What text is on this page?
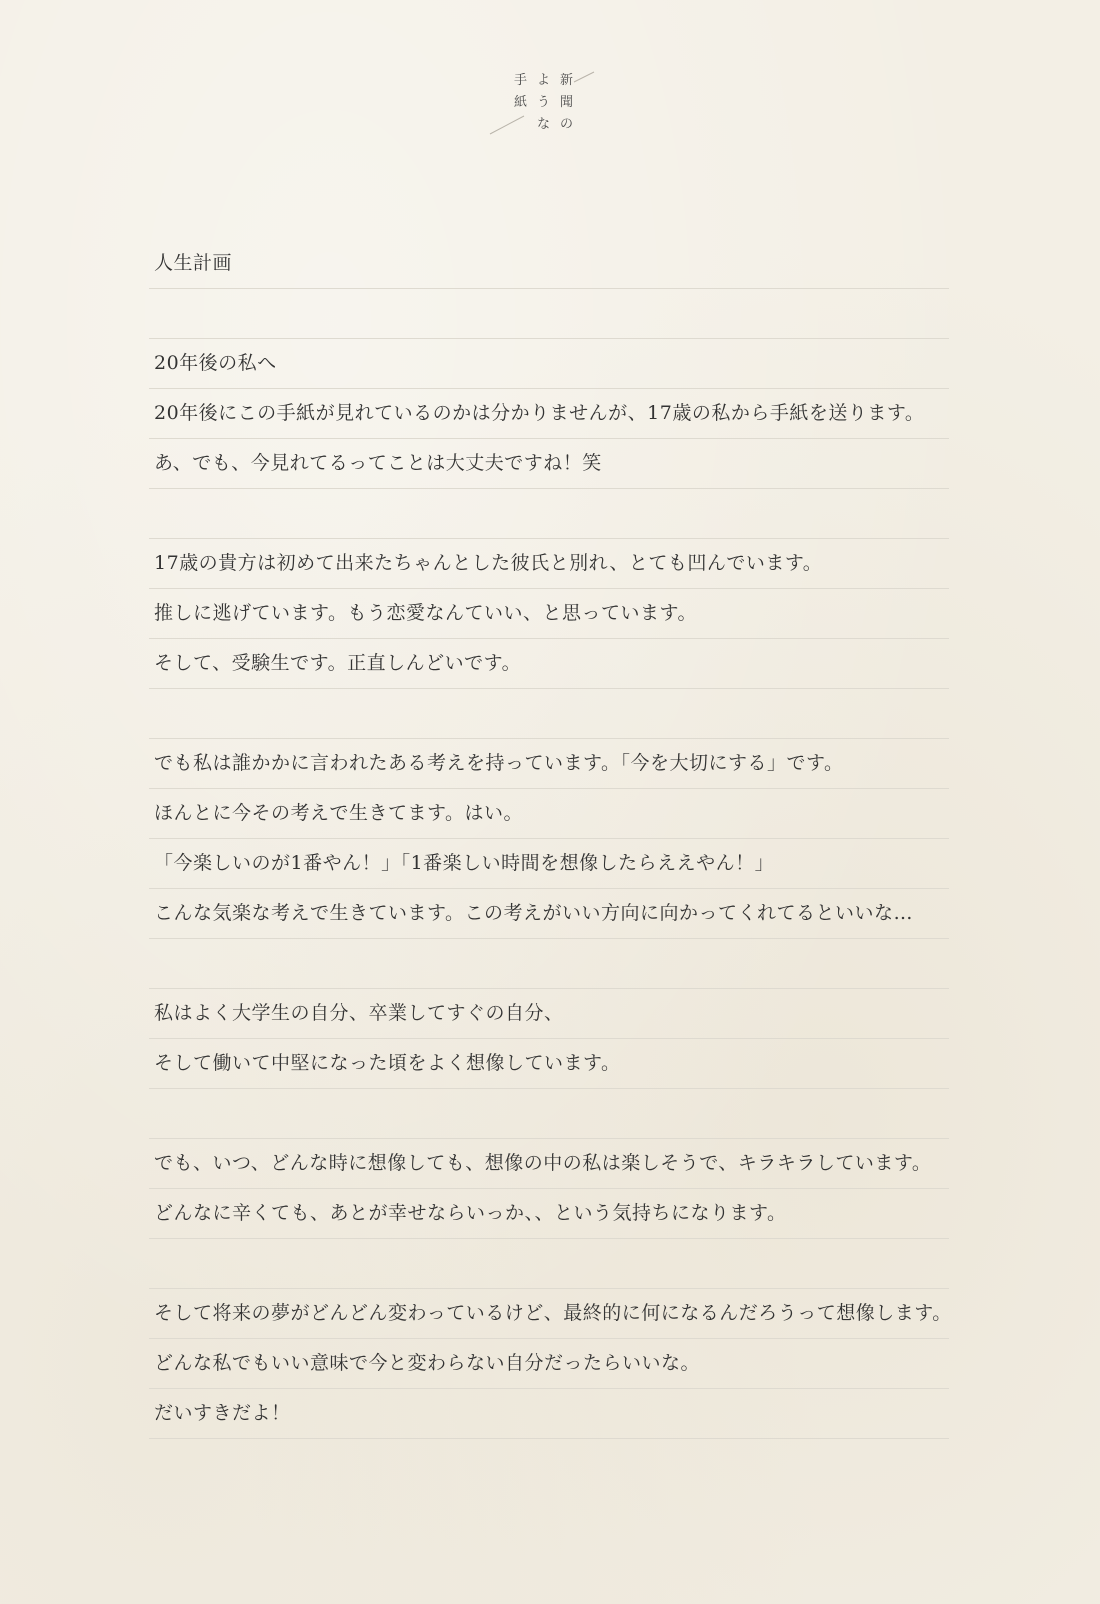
新
聞
の
よ
う
な
手
紙
人生計画
20年後の私へ
20年後にこの手紙が見れているのかは分かりませんが、17歳の私から手紙を送ります。
あ、でも、今見れてるってことは大丈夫ですね！笑
17歳の貴方は初めて出来たちゃんとした彼氏と別れ、とても凹んでいます。
推しに逃げています。もう恋愛なんていい、と思っています。
そして、受験生です。正直しんどいです。
でも私は誰かかに言われたある考えを持っています。「今を大切にする」です。
ほんとに今その考えで生きてます。はい。
「今楽しいのが1番やん！」「1番楽しい時間を想像したらええやん！」
こんな気楽な考えで生きています。この考えがいい方向に向かってくれてるといいな…
私はよく大学生の自分、卒業してすぐの自分、
そして働いて中堅になった頃をよく想像しています。
でも、いつ、どんな時に想像しても、想像の中の私は楽しそうで、キラキラしています。
どんなに辛くても、あとが幸せならいっか、、という気持ちになります。
そして将来の夢がどんどん変わっているけど、最終的に何になるんだろうって想像します。
どんな私でもいい意味で今と変わらない自分だったらいいな。
だいすきだよ！
